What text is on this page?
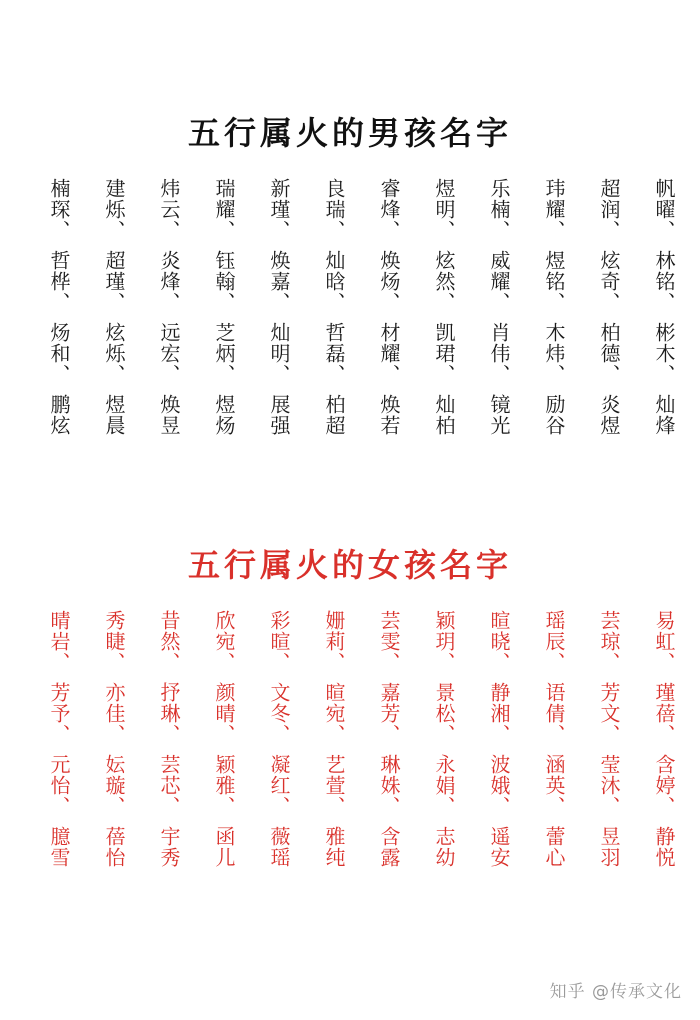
五行属火的男孩名字
帆曜、
林铭、
彬木、
灿烽
超润、
炫奇、
柏德、
炎煜
玮耀、
煜铭、
木炜、
励谷
乐楠、
威耀、
肖伟、
镜光
煜明、
炫然、
凯珺、
灿柏
睿烽、
焕炀、
材耀、
焕若
良瑞、
灿晗、
哲磊、
柏超
新瑾、
焕嘉、
灿明、
展强
瑞耀、
钰翰、
芝炳、
煜炀
炜云、
炎烽、
远宏、
焕昱
建烁、
超瑾、
炫烁、
煜晨
楠琛、
哲桦、
炀和、
鹏炫
五行属火的女孩名字
易虹、
瑾蓓、
含婷、
静悦
芸琼、
芳文、
莹沐、
昱羽
瑶辰、
语倩、
涵英、
蕾心
暄晓、
静湘、
波娥、
遥安
颖玥、
景松、
永娟、
志幼
芸雯、
嘉芳、
琳姝、
含露
姗莉、
暄宛、
艺萱、
雅纯
彩暄、
文冬、
凝红、
薇瑶
欣宛、
颜晴、
颖雅、
函儿
昔然、
抒琳、
芸芯、
宇秀
秀睫、
亦佳、
妘璇、
蓓怡
晴岩、
芳予、
元怡、
臆雪
知乎 @传承文化
